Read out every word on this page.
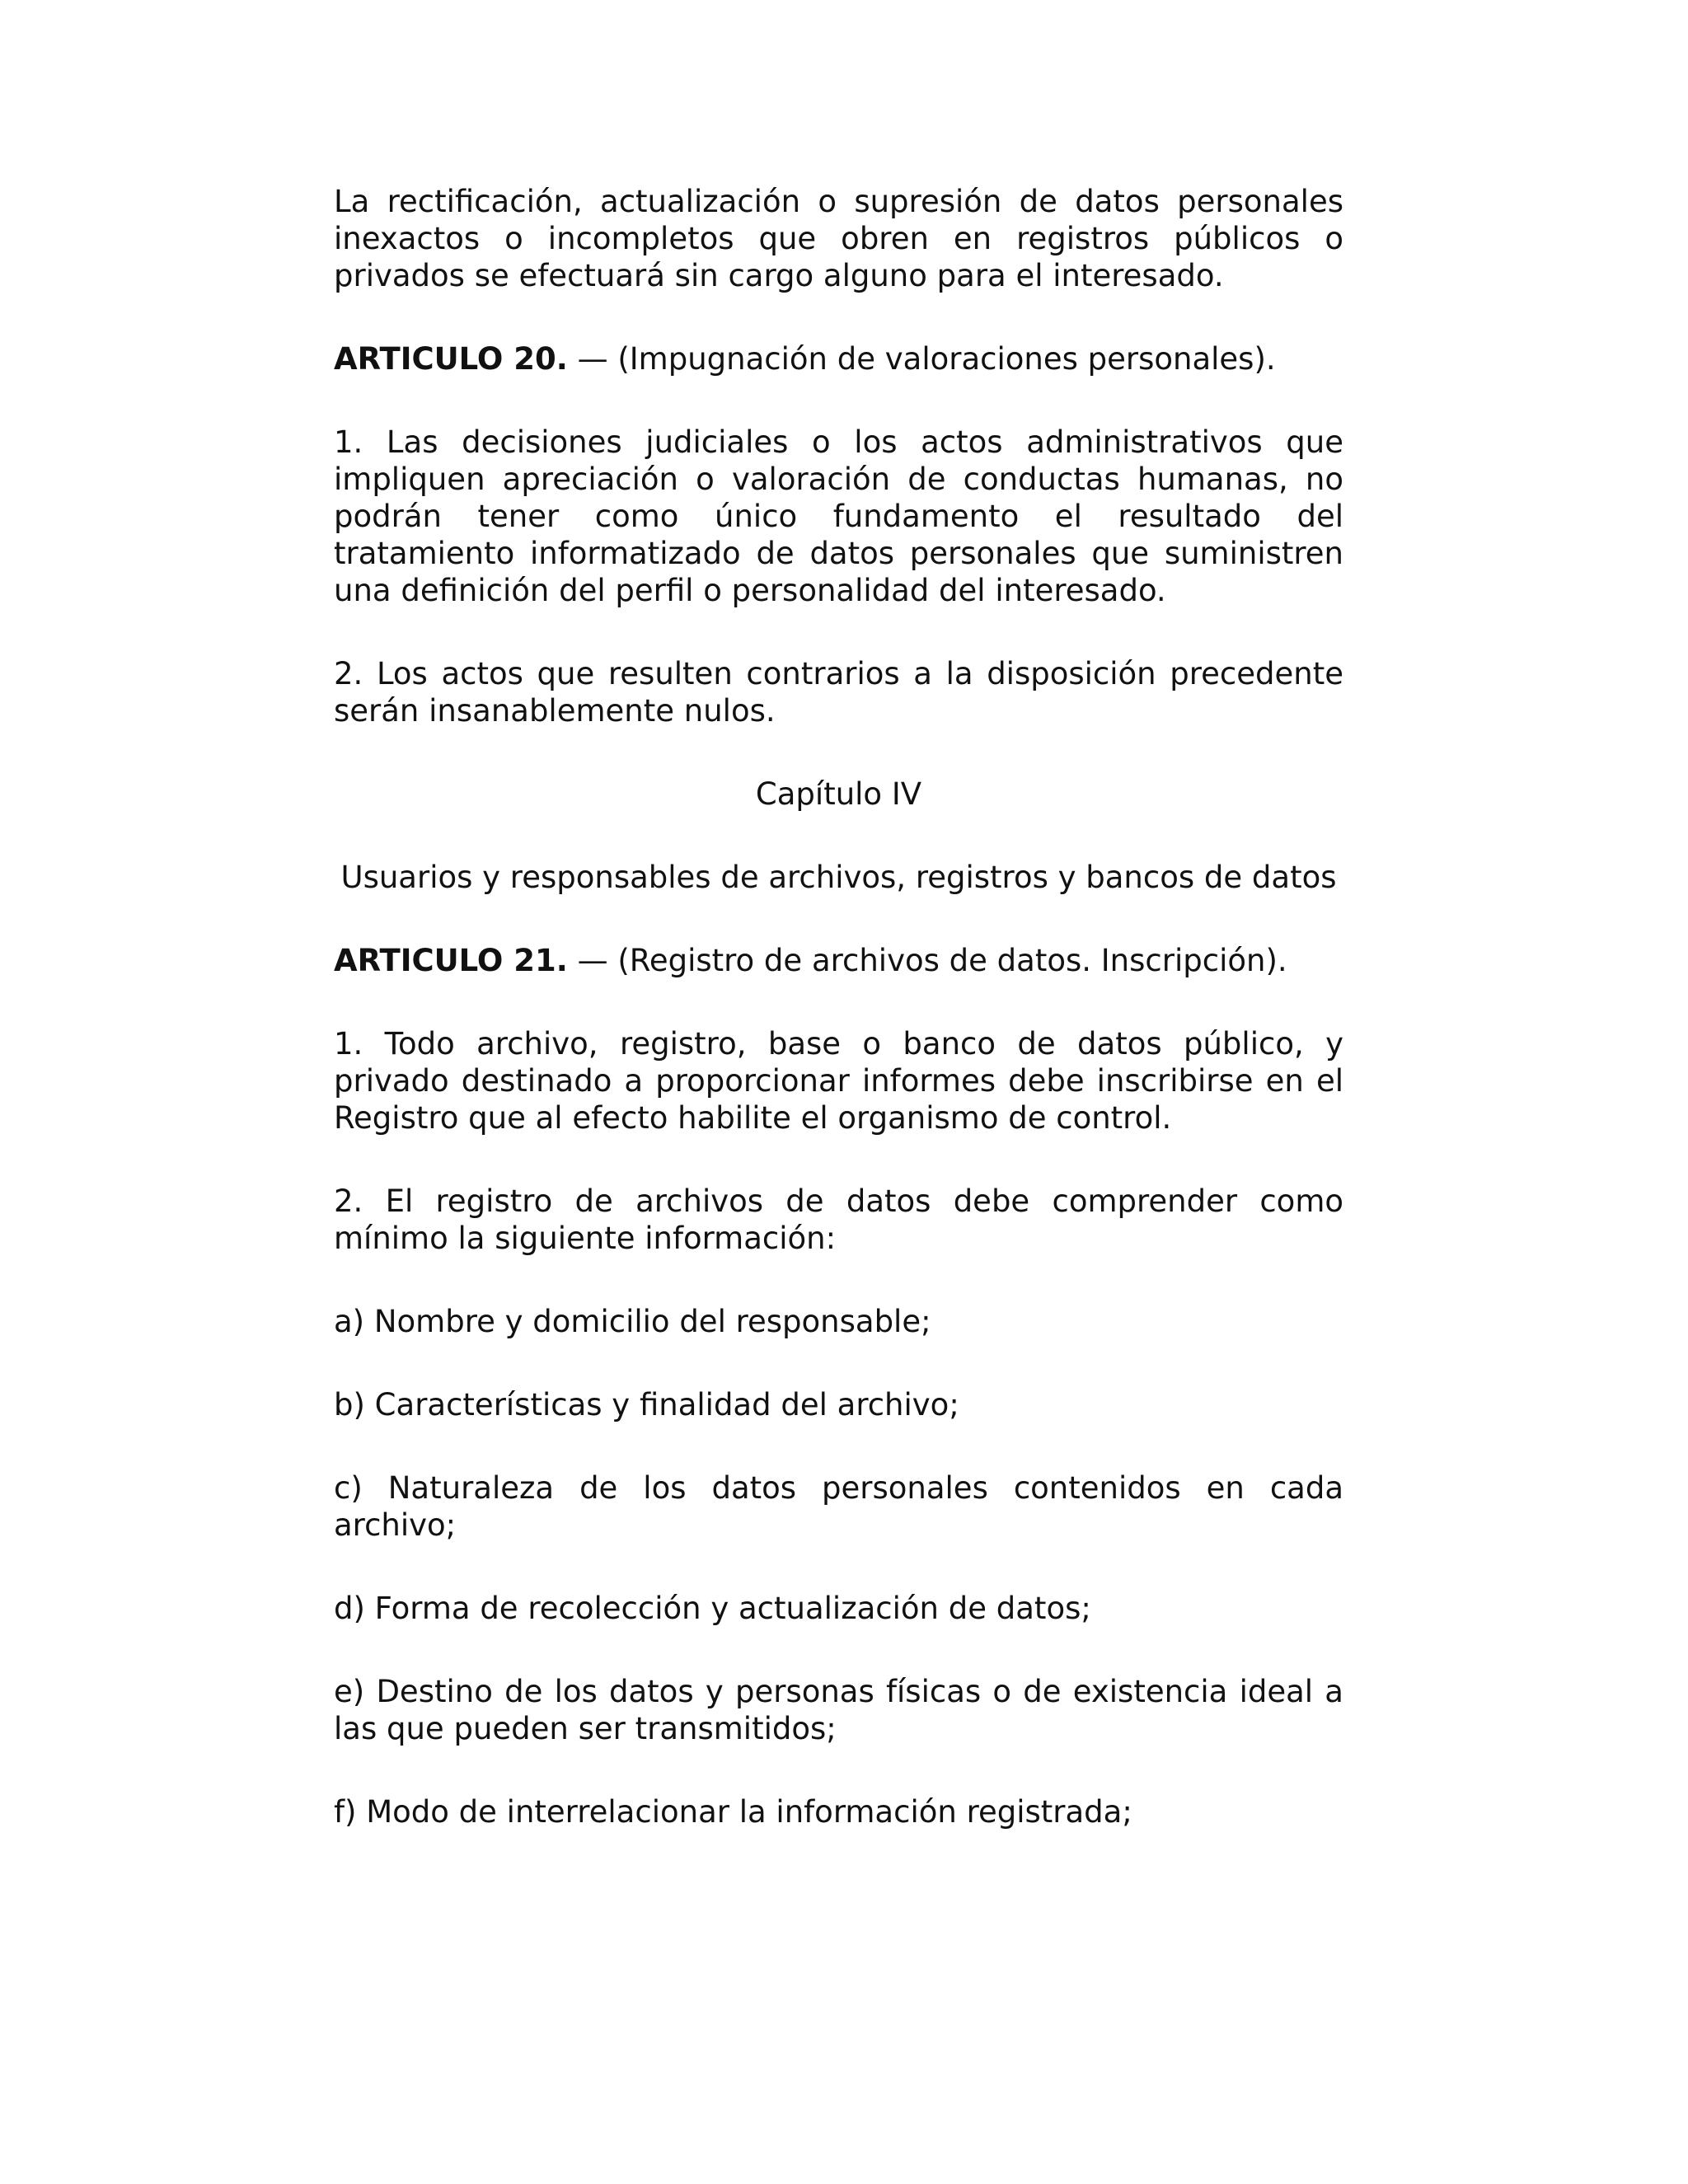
La rectificación, actualización o supresión de datos personales inexactos o incompletos que obren en registros públicos o privados se efectuará sin cargo alguno para el interesado.

ARTICULO 20. — (Impugnación de valoraciones personales).

1. Las decisiones judiciales o los actos administrativos que impliquen apreciación o valoración de conductas humanas, no podrán tener como único fundamento el resultado del tratamiento informatizado de datos personales que suministren una definición del perfil o personalidad del interesado.

2. Los actos que resulten contrarios a la disposición precedente serán insanablemente nulos.

Capítulo IV

Usuarios y responsables de archivos, registros y bancos de datos

ARTICULO 21. — (Registro de archivos de datos. Inscripción).

1. Todo archivo, registro, base o banco de datos público, y privado destinado a proporcionar informes debe inscribirse en el Registro que al efecto habilite el organismo de control.

2. El registro de archivos de datos debe comprender como mínimo la siguiente información:

a) Nombre y domicilio del responsable;

b) Características y finalidad del archivo;

c) Naturaleza de los datos personales contenidos en cada archivo;

d) Forma de recolección y actualización de datos;

e) Destino de los datos y personas físicas o de existencia ideal a las que pueden ser transmitidos;

f) Modo de interrelacionar la información registrada;
